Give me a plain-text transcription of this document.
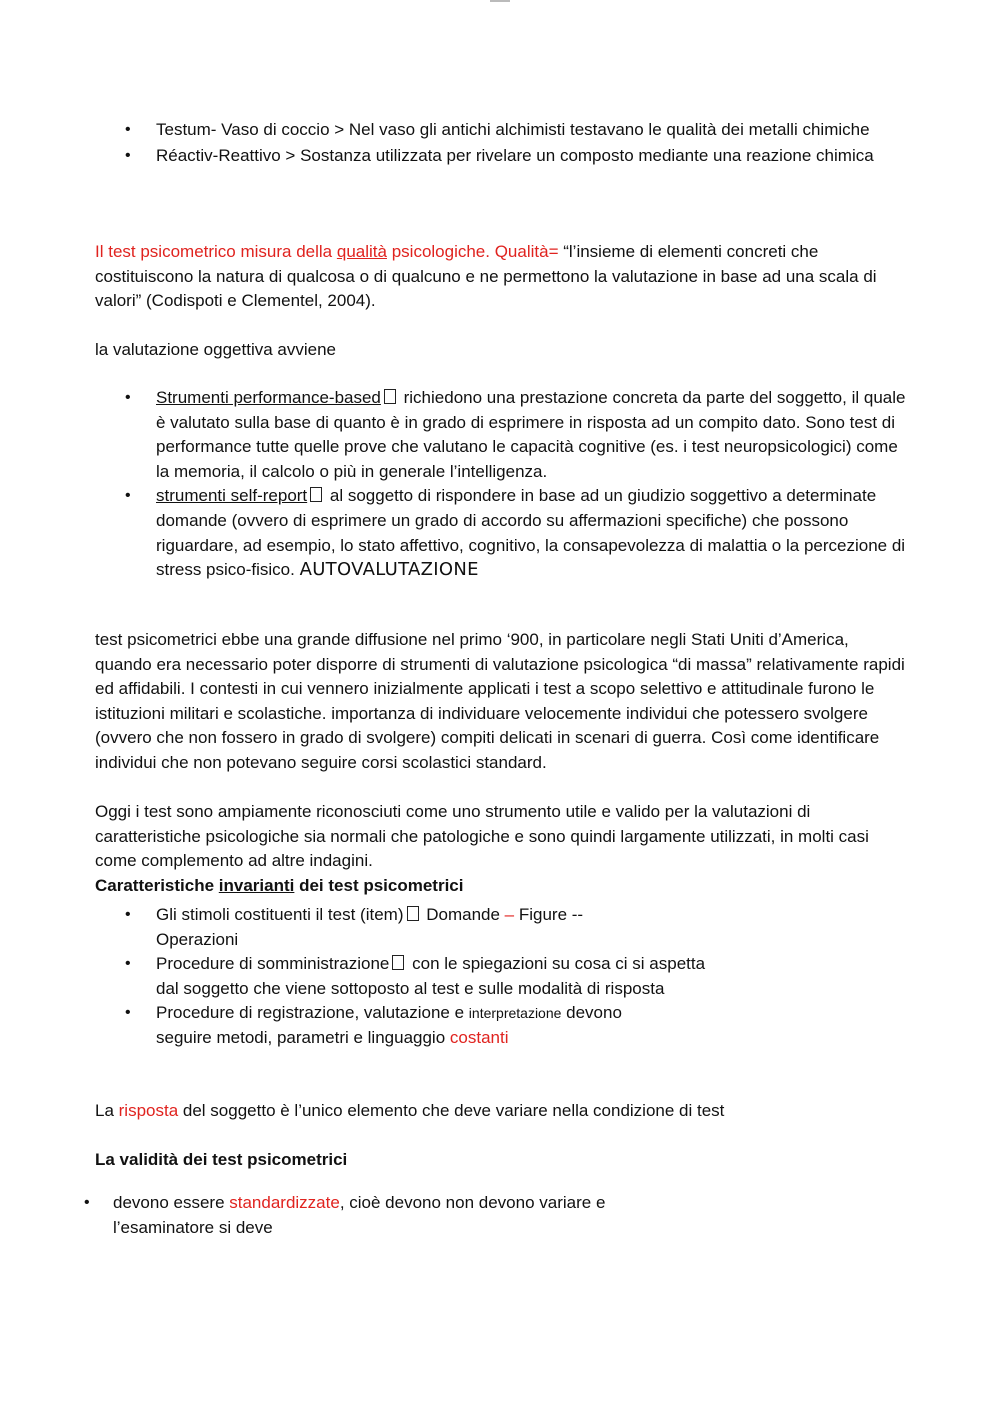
• Testum- Vaso di coccio > Nel vaso gli antichi alchimisti testavano le qualità dei metalli chimiche
• Réactiv-Reattivo > Sostanza utilizzata per rivelare un composto mediante una reazione chimica

Il test psicometrico misura della qualità psicologiche. Qualità= “l’insieme di elementi concreti che costituiscono la natura di qualcosa o di qualcuno e ne permettono la valutazione in base ad una scala di valori” (Codispoti e Clementel, 2004).

la valutazione oggettiva avviene

• Strumenti performance-based richiedono una prestazione concreta da parte del soggetto, il quale è valutato sulla base di quanto è in grado di esprimere in risposta ad un compito dato. Sono test di performance tutte quelle prove che valutano le capacità cognitive (es. i test neuropsicologici) come la memoria, il calcolo o più in generale l’intelligenza.
• strumenti self-report al soggetto di rispondere in base ad un giudizio soggettivo a determinate domande (ovvero di esprimere un grado di accordo su affermazioni specifiche) che possono riguardare, ad esempio, lo stato affettivo, cognitivo, la consapevolezza di malattia o la percezione di stress psico-fisico. AUTOVALUTAZIONE

test psicometrici ebbe una grande diffusione nel primo ‘900, in particolare negli Stati Uniti d’America, quando era necessario poter disporre di strumenti di valutazione psicologica “di massa” relativamente rapidi ed affidabili. I contesti in cui vennero inizialmente applicati i test a scopo selettivo e attitudinale furono le istituzioni militari e scolastiche. importanza di individuare velocemente individui che potessero svolgere (ovvero che non fossero in grado di svolgere) compiti delicati in scenari di guerra. Così come identificare individui che non potevano seguire corsi scolastici standard.

Oggi i test sono ampiamente riconosciuti come uno strumento utile e valido per la valutazioni di caratteristiche psicologiche sia normali che patologiche e sono quindi largamente utilizzati, in molti casi come complemento ad altre indagini.

Caratteristiche invarianti dei test psicometrici

• Gli stimoli costituenti il test (item) Domande – Figure -- Operazioni
• Procedure di somministrazione con le spiegazioni su cosa ci si aspetta dal soggetto che viene sottoposto al test e sulle modalità di risposta
• Procedure di registrazione, valutazione e interpretazione devono seguire metodi, parametri e linguaggio costanti

La risposta del soggetto è l’unico elemento che deve variare nella condizione di test

La validità dei test psicometrici

• devono essere standardizzate, cioè devono non devono variare e l’esaminatore si deve
